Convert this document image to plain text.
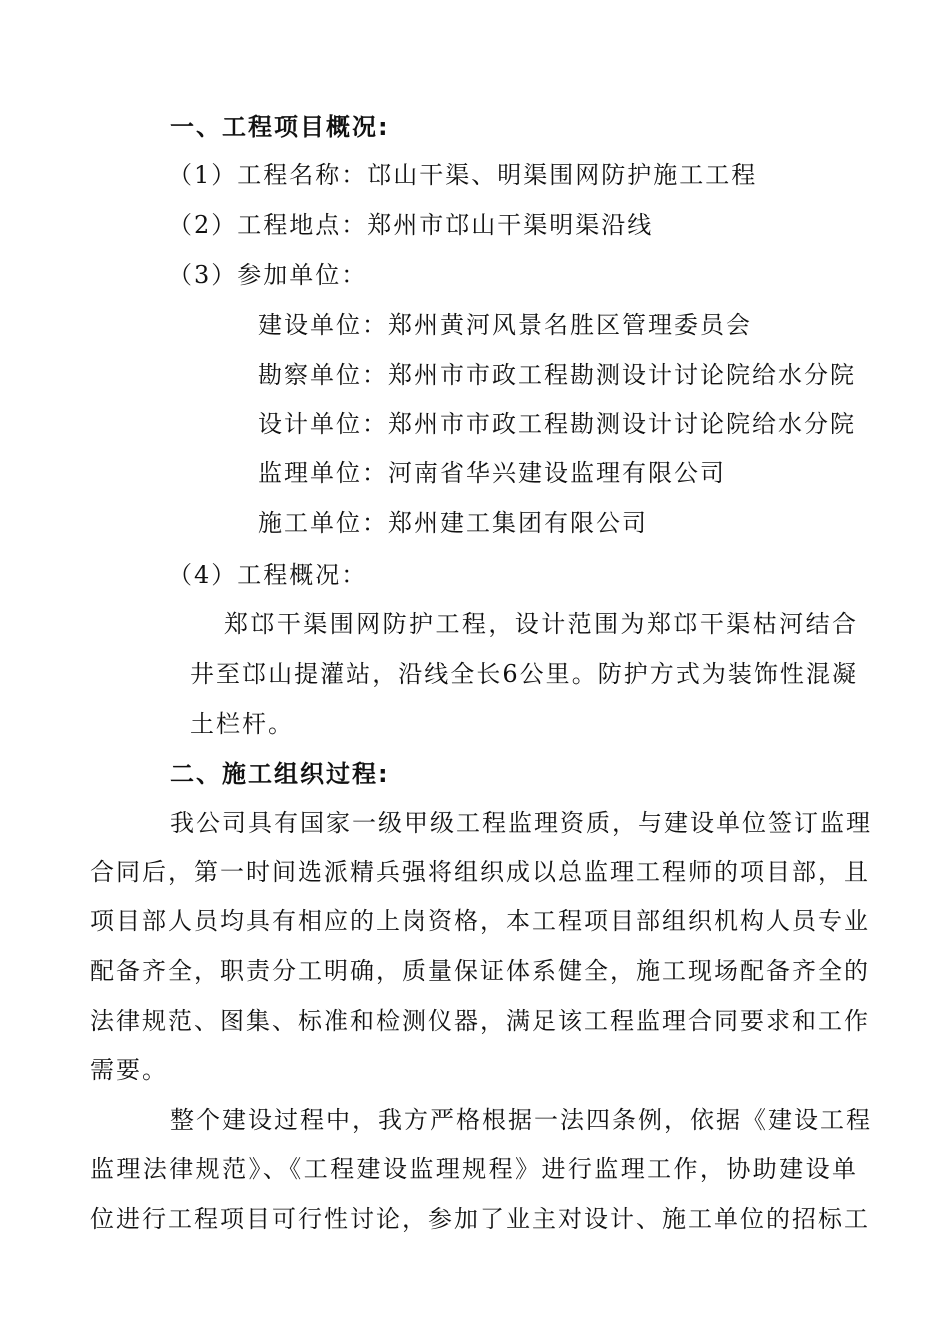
一、工程项目概况:
（1）工程名称：邙山干渠、明渠围网防护施工工程
（2）工程地点：郑州市邙山干渠明渠沿线
（3）参加单位：
建设单位：郑州黄河风景名胜区管理委员会
勘察单位：郑州市市政工程勘测设计讨论院给水分院
设计单位：郑州市市政工程勘测设计讨论院给水分院
监理单位：河南省华兴建设监理有限公司
施工单位：郑州建工集团有限公司
（4）工程概况：
郑邙干渠围网防护工程，设计范围为郑邙干渠枯河结合
井至邙山提灌站，沿线全长6公里。防护方式为装饰性混凝
土栏杆。
二、施工组织过程:
我公司具有国家一级甲级工程监理资质，与建设单位签订监理
合同后，第一时间选派精兵强将组织成以总监理工程师的项目部，且
项目部人员均具有相应的上岗资格，本工程项目部组织机构人员专业
配备齐全，职责分工明确，质量保证体系健全，施工现场配备齐全的
法律规范、图集、标准和检测仪器，满足该工程监理合同要求和工作
需要。
整个建设过程中，我方严格根据一法四条例，依据《建设工程
监理法律规范》、《工程建设监理规程》进行监理工作，协助建设单
位进行工程项目可行性讨论，参加了业主对设计、施工单位的招标工
